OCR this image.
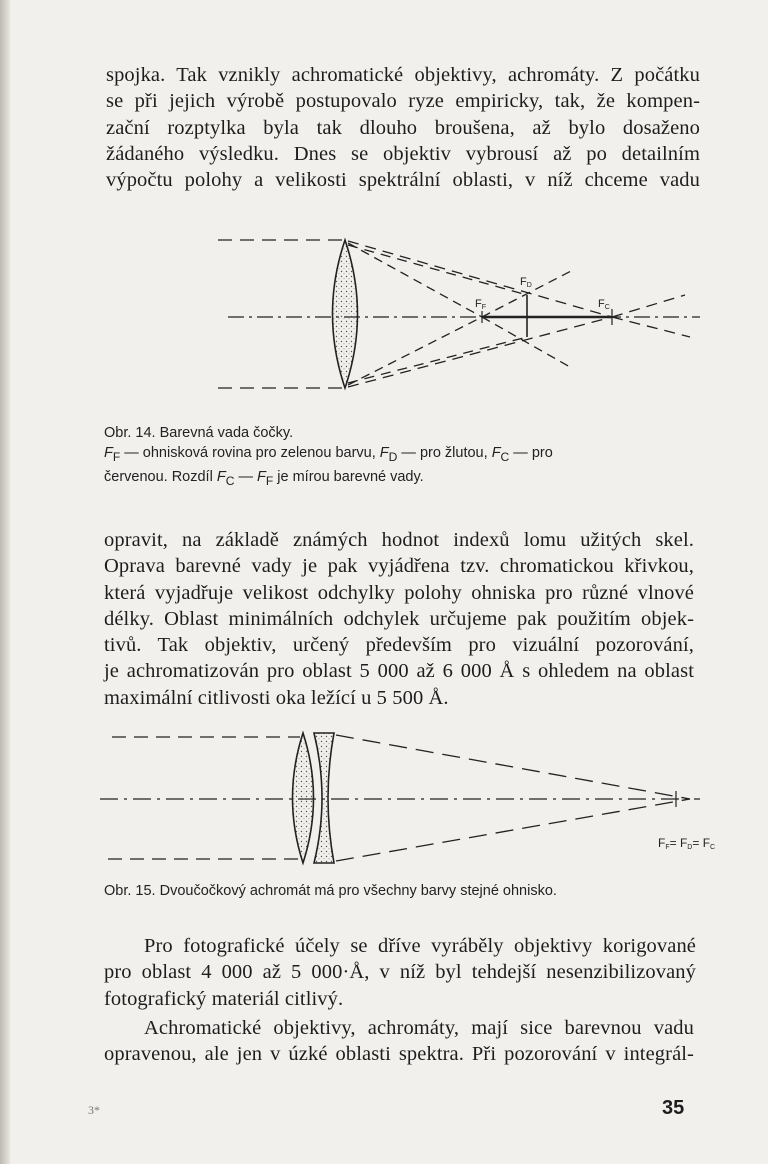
spojka. Tak vznikly achromatické objektivy, achromáty. Z počátku
se při jejich výrobě postupovalo ryze empiricky, tak, že kompen-
zační rozptylka byla tak dlouho broušena, až bylo dosaženo
žádaného výsledku. Dnes se objektiv vybrousí až po detailním
výpočtu polohy a velikosti spektrální oblasti, v níž chceme vadu
FD
FF	FC
Obr. 14. Barevná vada čočky.
$F_F$ — ohnisková rovina pro zelenou barvu, $F_D$ — pro žlutou, $F_C$ — pro
červenou. Rozdíl $F_C$ — $F_F$ je mírou barevné vady.
opravit, na základě známých hodnot indexů lomu užitých skel.
Oprava barevné vady je pak vyjádřena tzv. chromatickou křivkou,
která vyjadřuje velikost odchylky polohy ohniska pro různé vlnové
délky. Oblast minimálních odchylek určujeme pak použitím objek-
tivů. Tak objektiv, určený především pro vizuální pozorování,
je achromatizován pro oblast 5 000 až 6 000 Å s ohledem na oblast
maximální citlivosti oka ležící u 5 500 Å.
FF= FD= FC
Obr. 15. Dvoučočkový achromát má pro všechny barvy stejné ohnisko.
Pro fotografické účely se dříve vyráběly objektivy korigované
pro oblast 4 000 až 5 000·Å, v níž byl tehdejší nesenzibilizovaný
fotografický materiál citlivý.
Achromatické objektivy, achromáty, mají sice barevnou vadu
opravenou, ale jen v úzké oblasti spektra. Při pozorování v integrál-
3*	35
